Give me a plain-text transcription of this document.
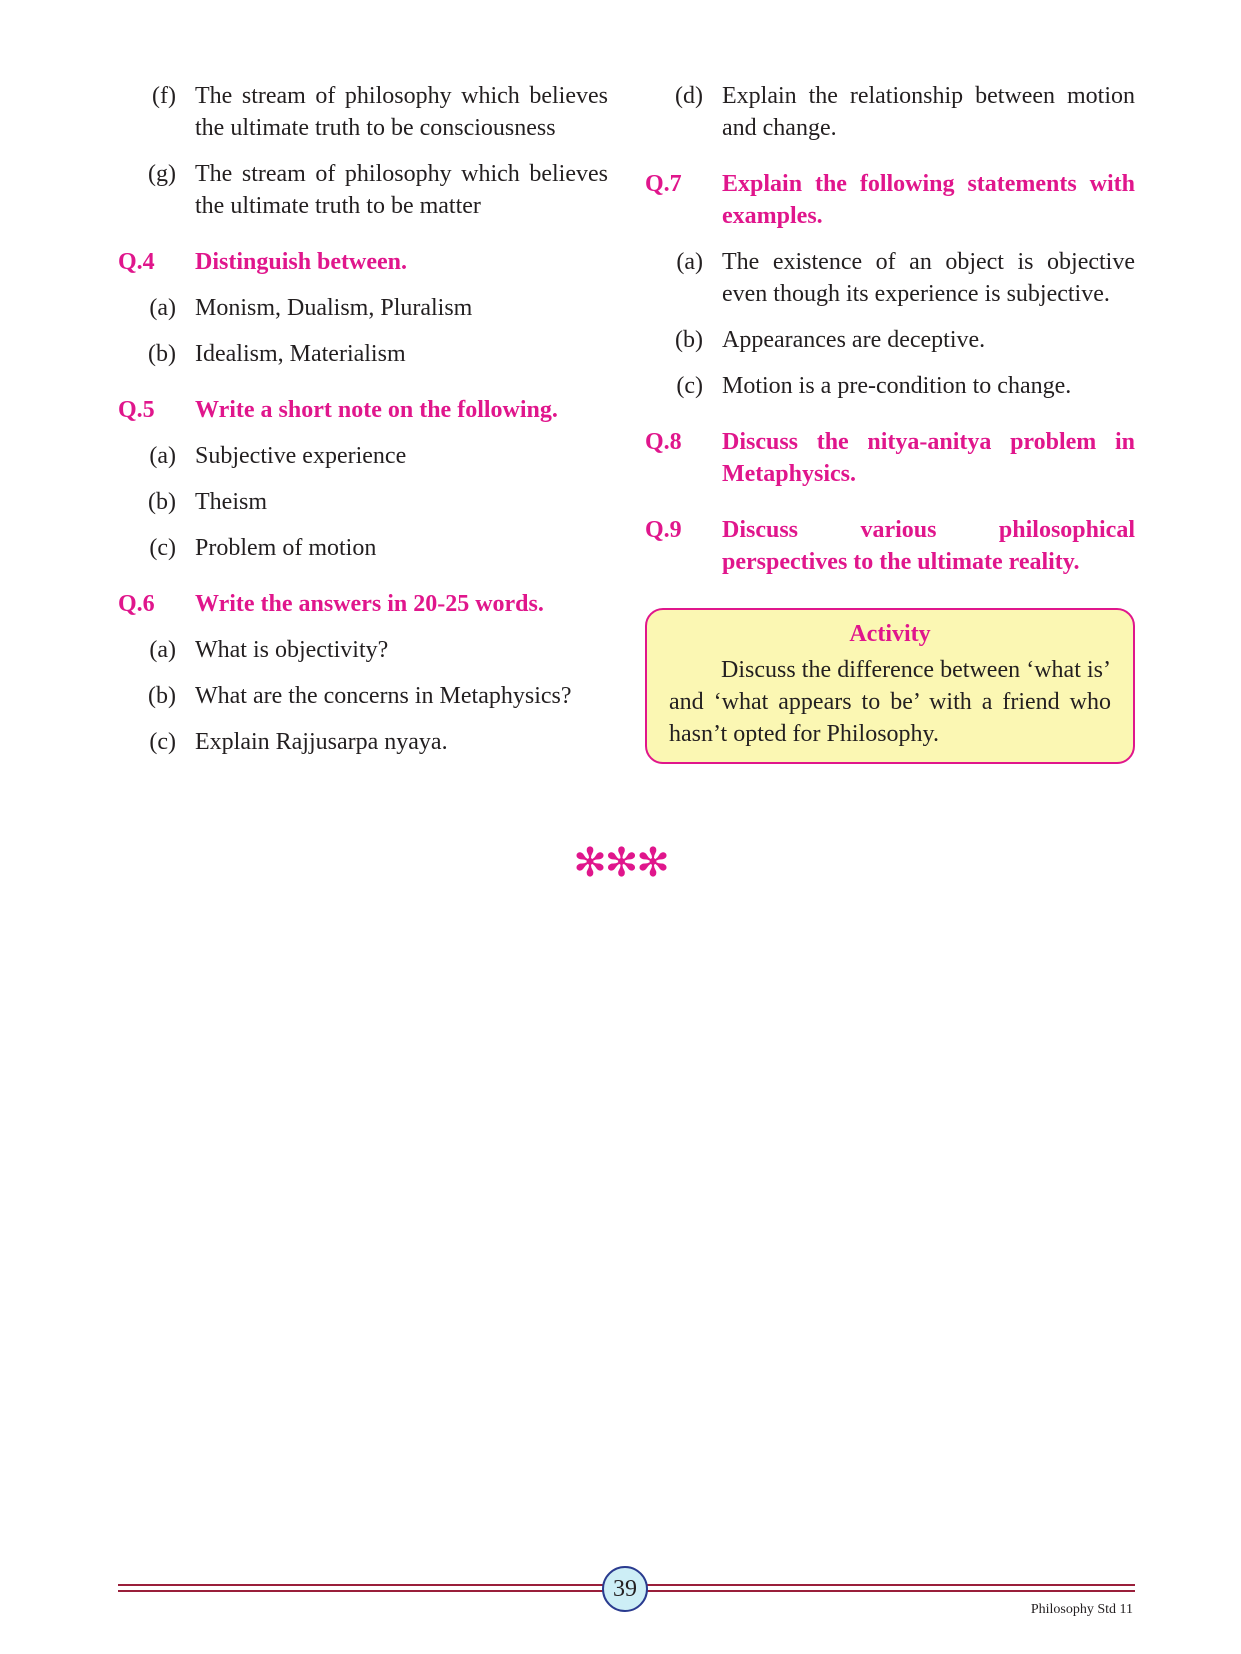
(f) The stream of philosophy which believes the ultimate truth to be consciousness
(g) The stream of philosophy which believes the ultimate truth to be matter
Q.4	Distinguish between.
(a) Monism, Dualism, Pluralism
(b) Idealism, Materialism
Q.5	Write a short note on the following.
(a) Subjective experience
(b) Theism
(c) Problem of motion
Q.6	Write the answers in 20-25 words.
(a) What is objectivity?
(b) What are the concerns in Metaphysics?
(c) Explain Rajjusarpa nyaya.
(d) Explain the relationship between motion and change.
Q.7	Explain the following statements with examples.
(a) The existence of an object is objective even though its experience is subjective.
(b) Appearances are deceptive.
(c) Motion is a pre-condition to change.
Q.8	Discuss the nitya-anitya problem in Metaphysics.
Q.9	Discuss various philosophical perspectives to the ultimate reality.
Activity
Discuss the difference between ‘what is’ and ‘what appears to be’ with a friend who hasn’t opted for Philosophy.
✻✻✻
39
Philosophy Std 11
